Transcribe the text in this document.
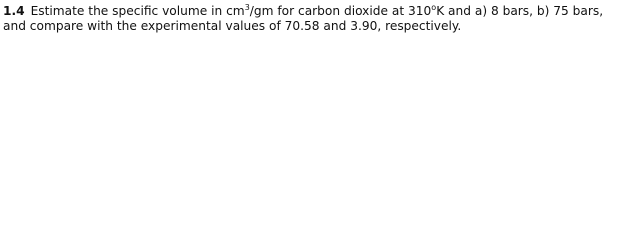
1.4 Estimate the specific volume in $cm^3/gm$ for carbon dioxide at 310$^o$K and a) 8 bars, b) 75 bars,
and compare with the experimental values of 70.58 and 3.90, respectively.
